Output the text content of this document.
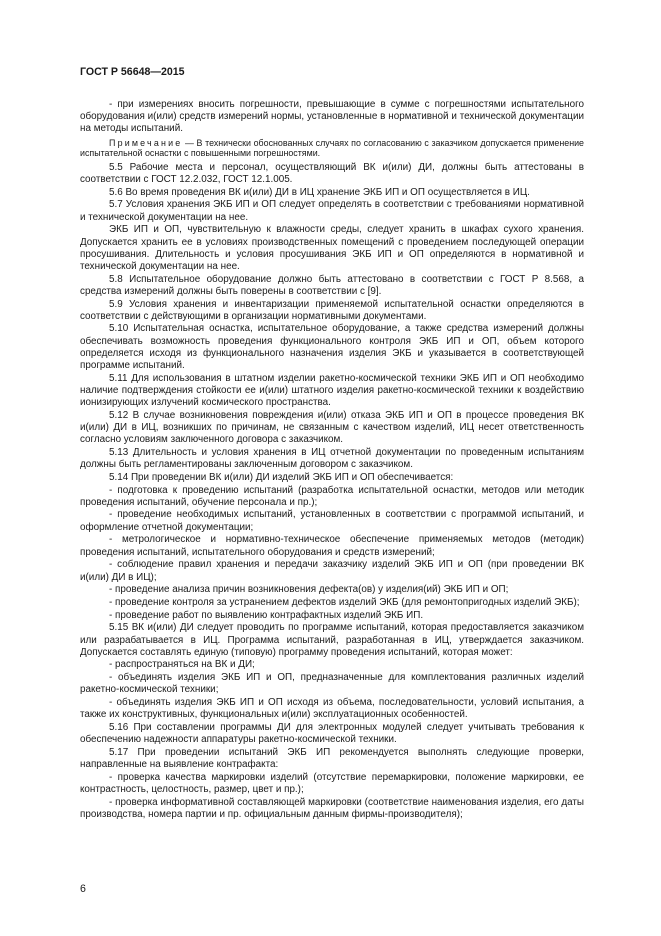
ГОСТ Р 56648—2015

- при измерениях вносить погрешности, превышающие в сумме с погрешностями испытательного оборудования и(или) средств измерений нормы, установленные в нормативной и технической документации на методы испытаний.

Примечание — В технически обоснованных случаях по согласованию с заказчиком допускается применение испытательной оснастки с повышенными погрешностями.

5.5 Рабочие места и персонал, осуществляющий ВК и(или) ДИ, должны быть аттестованы в соответствии с ГОСТ 12.2.032, ГОСТ 12.1.005.

5.6 Во время проведения ВК и(или) ДИ в ИЦ хранение ЭКБ ИП и ОП осуществляется в ИЦ.

5.7 Условия хранения ЭКБ ИП и ОП следует определять в соответствии с требованиями нормативной и технической документации на нее.

ЭКБ ИП и ОП, чувствительную к влажности среды, следует хранить в шкафах сухого хранения. Допускается хранить ее в условиях производственных помещений с проведением последующей операции просушивания. Длительность и условия просушивания ЭКБ ИП и ОП определяются в нормативной и технической документации на нее.

5.8 Испытательное оборудование должно быть аттестовано в соответствии с ГОСТ Р 8.568, а средства измерений должны быть поверены в соответствии с [9].

5.9 Условия хранения и инвентаризации применяемой испытательной оснастки определяются в соответствии с действующими в организации нормативными документами.

5.10 Испытательная оснастка, испытательное оборудование, а также средства измерений должны обеспечивать возможность проведения функционального контроля ЭКБ ИП и ОП, объем которого определяется исходя из функционального назначения изделия ЭКБ и указывается в соответствующей программе испытаний.

5.11 Для использования в штатном изделии ракетно-космической техники ЭКБ ИП и ОП необходимо наличие подтверждения стойкости ее и(или) штатного изделия ракетно-космической техники к воздействию ионизирующих излучений космического пространства.

5.12 В случае возникновения повреждения и(или) отказа ЭКБ ИП и ОП в процессе проведения ВК и(или) ДИ в ИЦ, возникших по причинам, не связанным с качеством изделий, ИЦ несет ответственность согласно условиям заключенного договора с заказчиком.

5.13 Длительность и условия хранения в ИЦ отчетной документации по проведенным испытаниям должны быть регламентированы заключенным договором с заказчиком.

5.14 При проведении ВК и(или) ДИ изделий ЭКБ ИП и ОП обеспечивается:

- подготовка к проведению испытаний (разработка испытательной оснастки, методов или методик проведения испытаний, обучение персонала и пр.);

- проведение необходимых испытаний, установленных в соответствии с программой испытаний, и оформление отчетной документации;

- метрологическое и нормативно-техническое обеспечение применяемых методов (методик) проведения испытаний, испытательного оборудования и средств измерений;

- соблюдение правил хранения и передачи заказчику изделий ЭКБ ИП и ОП (при проведении ВК и(или) ДИ в ИЦ);

- проведение анализа причин возникновения дефекта(ов) у изделия(ий) ЭКБ ИП и ОП;

- проведение контроля за устранением дефектов изделий ЭКБ (для ремонтопригодных изделий ЭКБ);

- проведение работ по выявлению контрафактных изделий ЭКБ ИП.

5.15 ВК и(или) ДИ следует проводить по программе испытаний, которая предоставляется заказчиком или разрабатывается в ИЦ. Программа испытаний, разработанная в ИЦ, утверждается заказчиком. Допускается составлять единую (типовую) программу проведения испытаний, которая может:

- распространяться на ВК и ДИ;

- объединять изделия ЭКБ ИП и ОП, предназначенные для комплектования различных изделий ракетно-космической техники;

- объединять изделия ЭКБ ИП и ОП исходя из объема, последовательности, условий испытания, а также их конструктивных, функциональных и(или) эксплуатационных особенностей.

5.16 При составлении программы ДИ для электронных модулей следует учитывать требования к обеспечению надежности аппаратуры ракетно-космической техники.

5.17 При проведении испытаний ЭКБ ИП рекомендуется выполнять следующие проверки, направленные на выявление контрафакта:

- проверка качества маркировки изделий (отсутствие перемаркировки, положение маркировки, ее контрастность, целостность, размер, цвет и пр.);

- проверка информативной составляющей маркировки (соответствие наименования изделия, его даты производства, номера партии и пр. официальным данным фирмы-производителя);

6
